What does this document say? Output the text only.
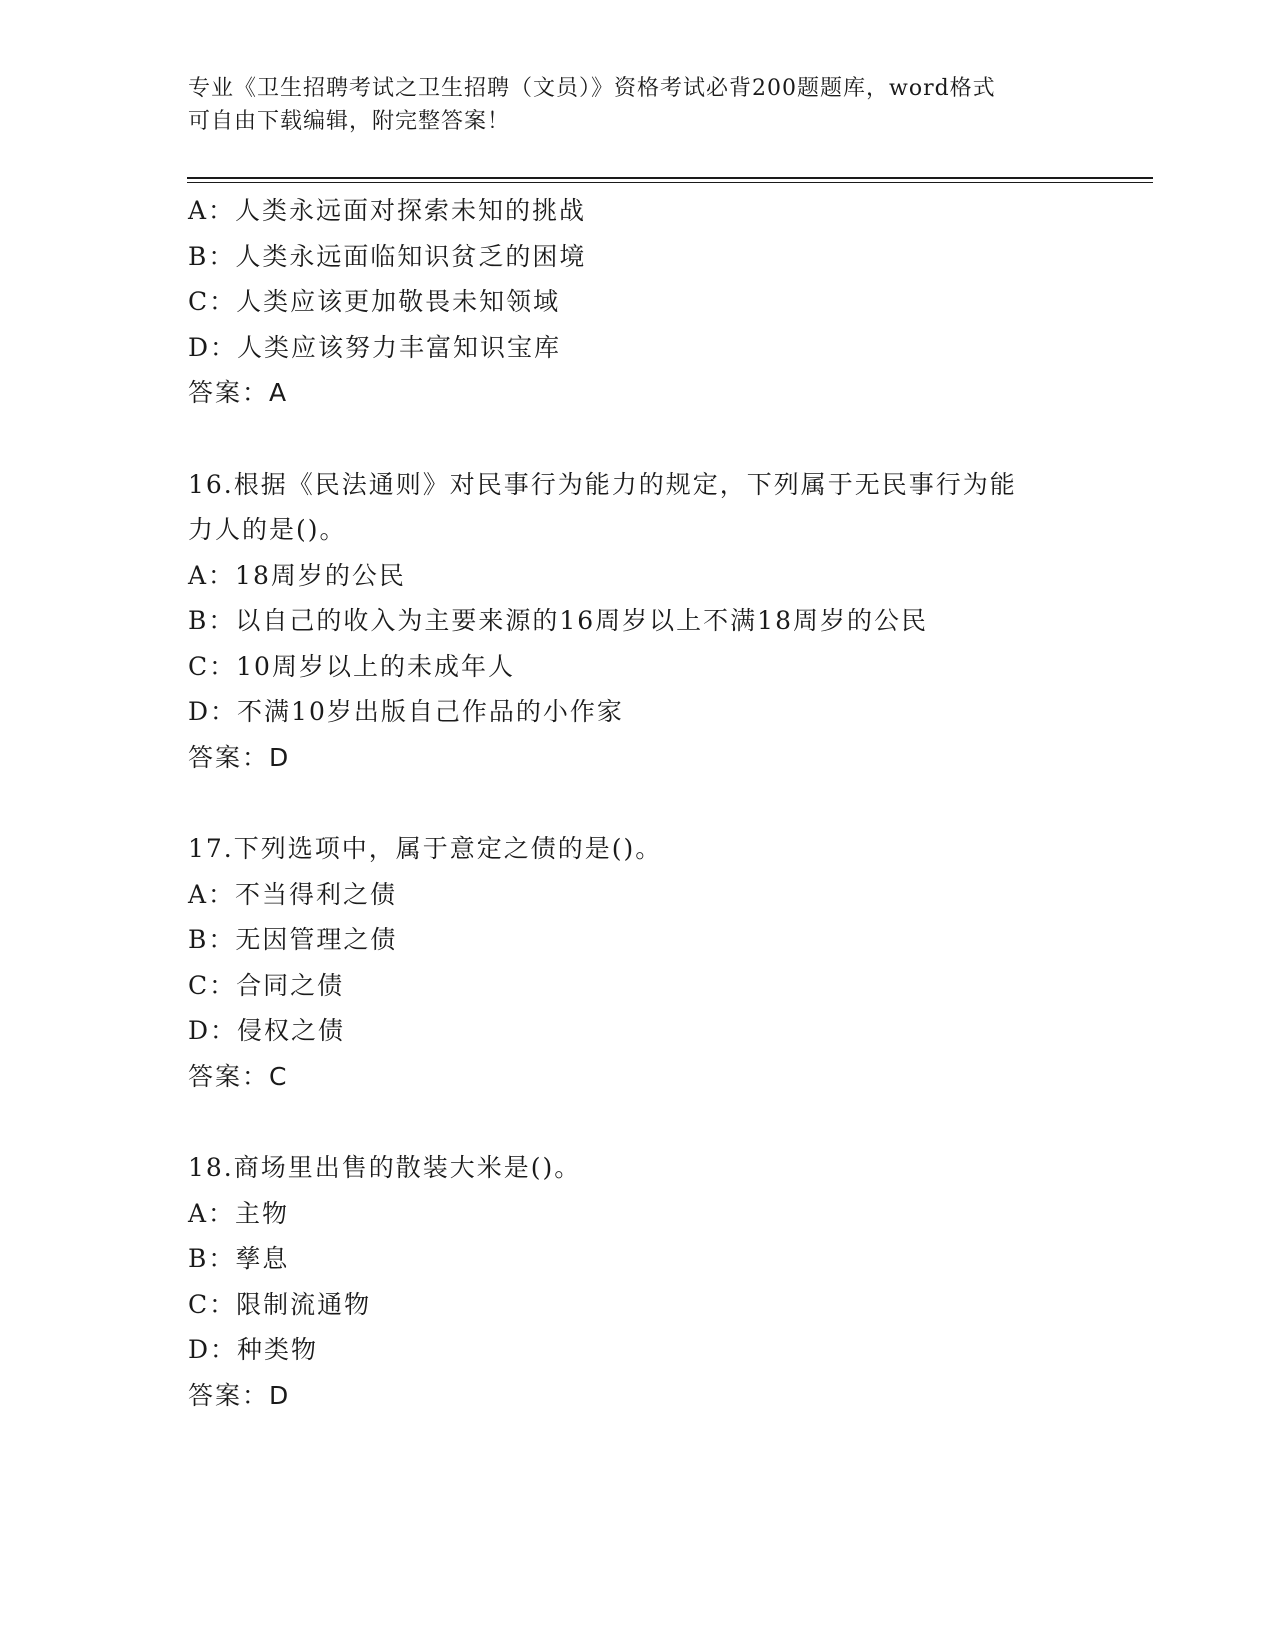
专业《卫生招聘考试之卫生招聘（文员）》资格考试必背200题题库，word格式
可自由下载编辑，附完整答案！

A：人类永远面对探索未知的挑战

B：人类永远面临知识贫乏的困境

C：人类应该更加敬畏未知领域

D：人类应该努力丰富知识宝库

答案：A

16.根据《民法通则》对民事行为能力的规定，下列属于无民事行为能

力人的是()。

A：18周岁的公民

B：以自己的收入为主要来源的16周岁以上不满18周岁的公民

C：10周岁以上的未成年人

D：不满10岁出版自己作品的小作家

答案：D

17.下列选项中，属于意定之债的是()。

A：不当得利之债

B：无因管理之债

C：合同之债

D：侵权之债

答案：C

18.商场里出售的散装大米是()。

A：主物

B：孳息

C：限制流通物

D：种类物

答案：D
